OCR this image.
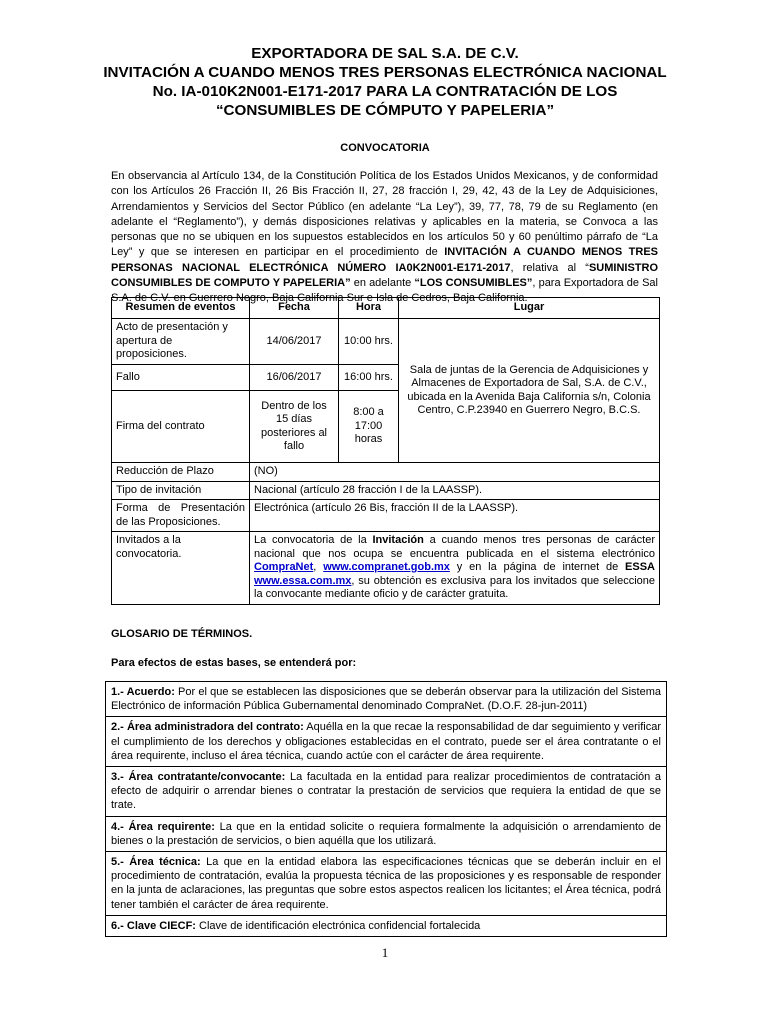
EXPORTADORA DE SAL S.A. DE C.V.
INVITACIÓN A CUANDO MENOS TRES PERSONAS ELECTRÓNICA NACIONAL
No. IA-010K2N001-E171-2017 PARA LA CONTRATACIÓN DE LOS
“CONSUMIBLES DE CÓMPUTO Y PAPELERIA”
CONVOCATORIA

En observancia al Artículo 134, de la Constitución Política de los Estados Unidos Mexicanos, y de conformidad con los Artículos 26 Fracción II, 26 Bis Fracción II, 27, 28 fracción I, 29, 42, 43 de la Ley de Adquisiciones, Arrendamientos y Servicios del Sector Público (en adelante “La Ley”), 39, 77, 78, 79 de su Reglamento (en adelante el “Reglamento”), y demás disposiciones relativas y aplicables en la materia, se Convoca a las personas que no se ubiquen en los supuestos establecidos en los artículos 50 y 60 penúltimo párrafo de “La Ley” y que se interesen en participar en el procedimiento de INVITACIÓN A CUANDO MENOS TRES PERSONAS NACIONAL ELECTRÓNICA NÚMERO IA0K2N001-E171-2017, relativa al “SUMINISTRO CONSUMIBLES DE COMPUTO Y PAPELERIA” en adelante “LOS CONSUMIBLES”, para Exportadora de Sal S.A. de C.V. en Guerrero Negro, Baja California Sur e Isla de Cedros, Baja California.

Resumen de eventos	Fecha	Hora	Lugar
Acto de presentación y apertura de proposiciones.	14/06/2017	10:00 hrs.	Sala de juntas de la Gerencia de Adquisiciones y Almacenes de Exportadora de Sal, S.A. de C.V., ubicada en la Avenida Baja California s/n, Colonia Centro, C.P.23940 en Guerrero Negro, B.C.S.
Fallo	16/06/2017	16:00 hrs.	
Firma del contrato	Dentro de los 15 días posteriores al fallo	8:00 a 17:00 horas	
Reducción de Plazo	(NO)		
Tipo de invitación	Nacional (artículo 28 fracción I de la LAASSP).		
Forma de Presentación de las Proposiciones.	Electrónica (artículo 26 Bis, fracción II de la LAASSP).		
Invitados a la convocatoria.	La convocatoria de la Invitación a cuando menos tres personas de carácter nacional que nos ocupa se encuentra publicada en el sistema electrónico CompraNet, www.compranet.gob.mx y en la página de internet de ESSA www.essa.com.mx, su obtención es exclusiva para los invitados que seleccione la convocante mediante oficio y de carácter gratuita.		
GLOSARIO DE TÉRMINOS.
Para efectos de estas bases, se entenderá por:
1.- Acuerdo: Por el que se establecen las disposiciones que se deberán observar para la utilización del Sistema Electrónico de información Pública Gubernamental denominado CompraNet. (D.O.F. 28-jun-2011)
2.- Área administradora del contrato: Aquélla en la que recae la responsabilidad de dar seguimiento y verificar el cumplimiento de los derechos y obligaciones establecidas en el contrato, puede ser el área contratante o el área requirente, incluso el área técnica, cuando actúe con el carácter de área requirente.
3.- Área contratante/convocante: La facultada en la entidad para realizar procedimientos de contratación a efecto de adquirir o arrendar bienes o contratar la prestación de servicios que requiera la entidad de que se trate.
4.- Área requirente: La que en la entidad solicite o requiera formalmente la adquisición o arrendamiento de bienes o la prestación de servicios, o bien aquélla que los utilizará.
5.- Área técnica: La que en la entidad elabora las especificaciones técnicas que se deberán incluir en el procedimiento de contratación, evalúa la propuesta técnica de las proposiciones y es responsable de responder en la junta de aclaraciones, las preguntas que sobre estos aspectos realicen los licitantes; el Área técnica, podrá tener también el carácter de área requirente.
6.- Clave CIECF: Clave de identificación electrónica confidencial fortalecida
1
